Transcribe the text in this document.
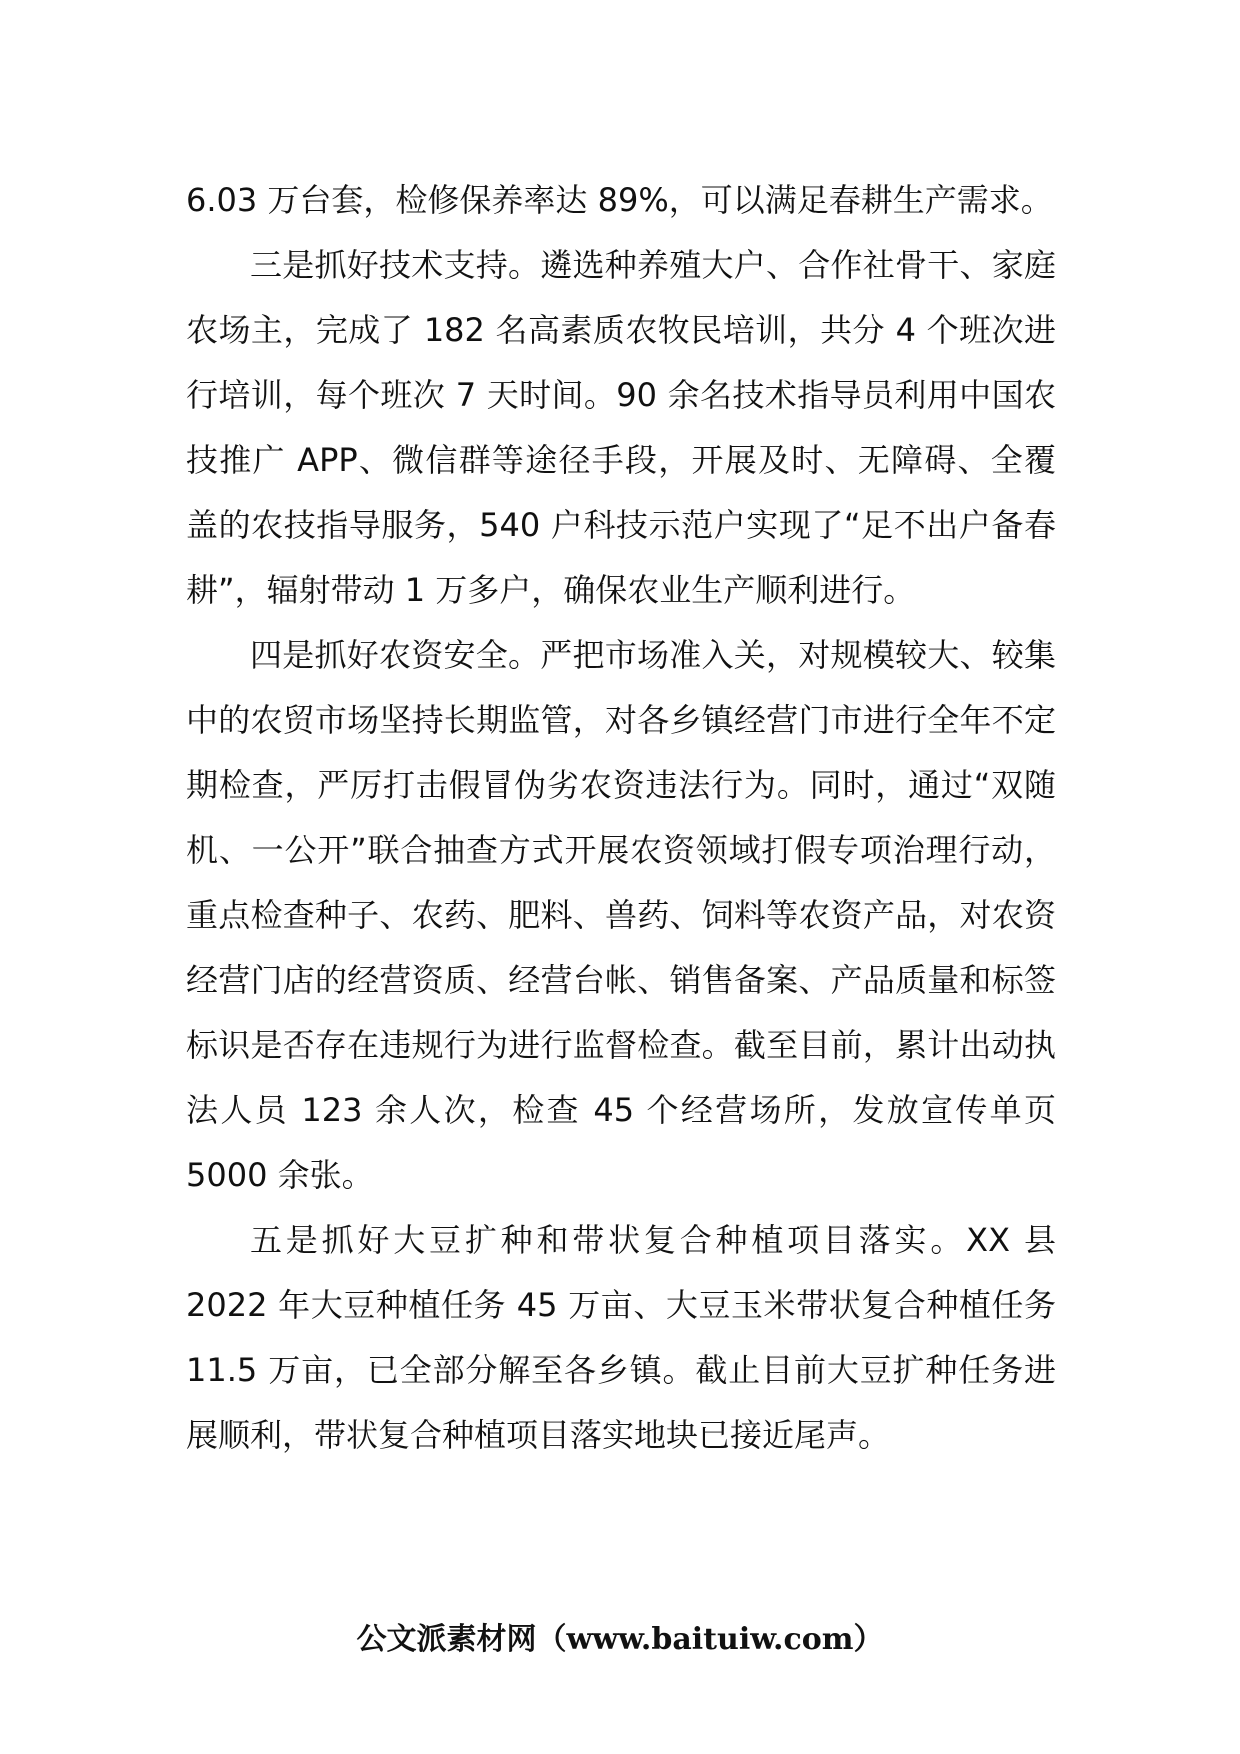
6.03 万台套，检修保养率达 89%，可以满足春耕生产需求。

三是抓好技术支持。遴选种养殖大户、合作社骨干、家庭农场主，完成了 182 名高素质农牧民培训，共分 4 个班次进行培训，每个班次 7 天时间。90 余名技术指导员利用中国农技推广 APP、微信群等途径手段，开展及时、无障碍、全覆盖的农技指导服务，540 户科技示范户实现了“足不出户备春耕”，辐射带动 1 万多户，确保农业生产顺利进行。

四是抓好农资安全。严把市场准入关，对规模较大、较集中的农贸市场坚持长期监管，对各乡镇经营门市进行全年不定期检查，严厉打击假冒伪劣农资违法行为。同时，通过“双随机、一公开”联合抽查方式开展农资领域打假专项治理行动，重点检查种子、农药、肥料、兽药、饲料等农资产品，对农资经营门店的经营资质、经营台帐、销售备案、产品质量和标签标识是否存在违规行为进行监督检查。截至目前，累计出动执法人员 123 余人次，检查 45 个经营场所，发放宣传单页 5000 余张。

五是抓好大豆扩种和带状复合种植项目落实。XX 县 2022 年大豆种植任务 45 万亩、大豆玉米带状复合种植任务 11.5 万亩，已全部分解至各乡镇。截止目前大豆扩种任务进展顺利，带状复合种植项目落实地块已接近尾声。

公文派素材网（www.baituiw.com）
